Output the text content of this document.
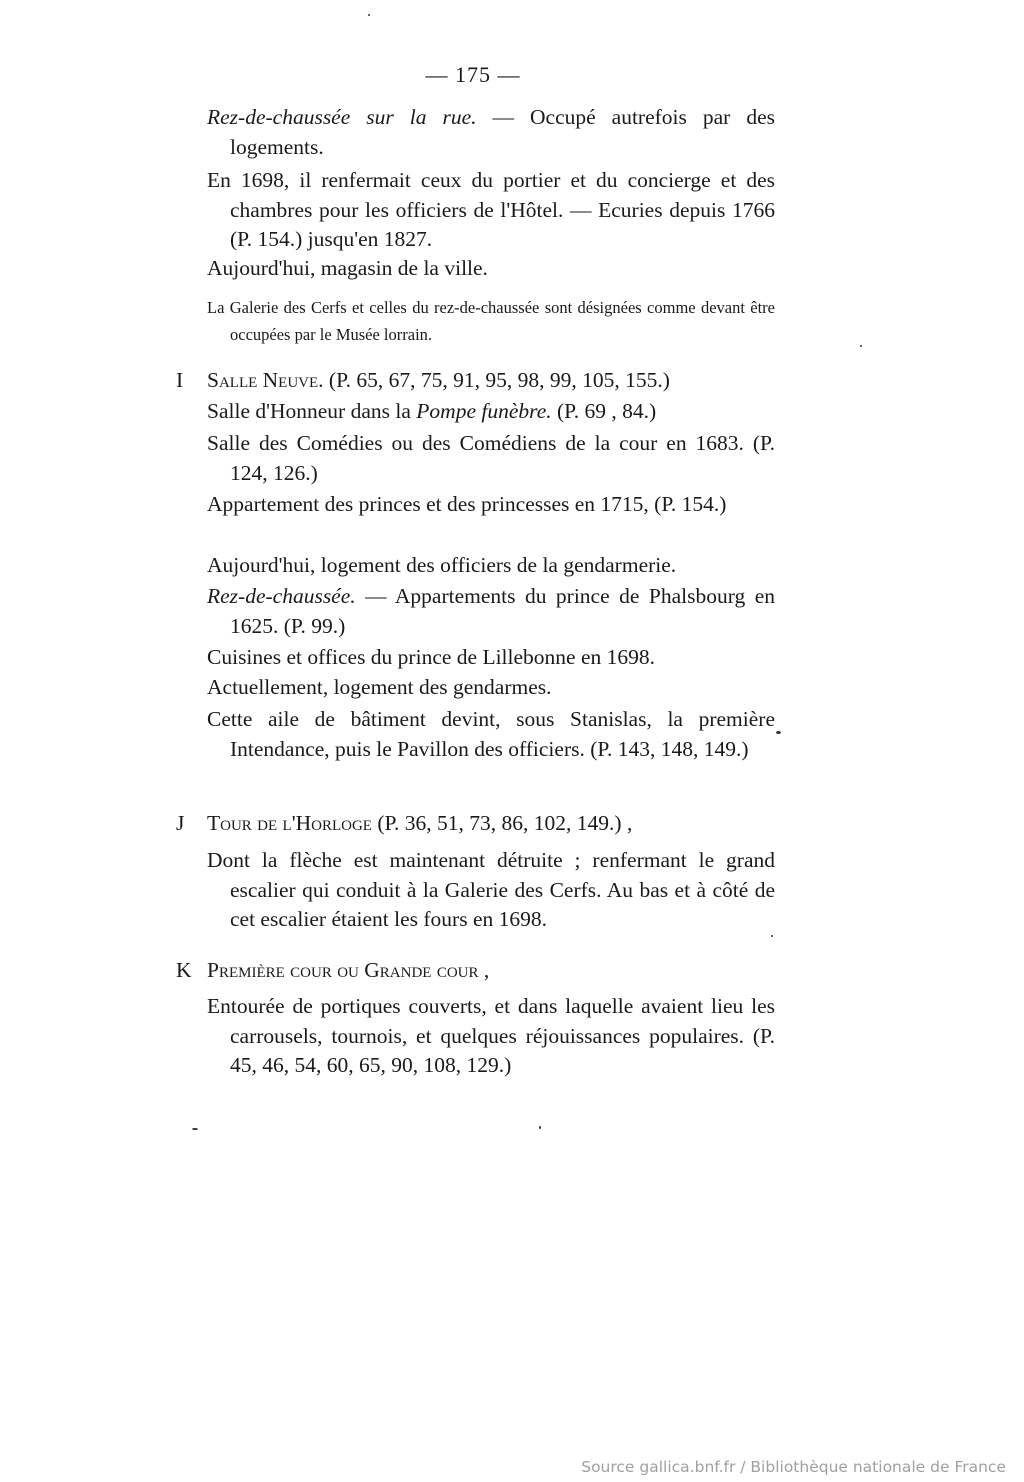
— 175 —
Rez-de-chaussée sur la rue. — Occupé autrefois par des logements.
En 1698, il renfermait ceux du portier et du concierge et des chambres pour les officiers de l'Hôtel. — Ecuries depuis 1766 (P. 154.) jusqu'en 1827.
Aujourd'hui, magasin de la ville.
La Galerie des Cerfs et celles du rez-de-chaussée sont désignées comme devant être occupées par le Musée lorrain.
I Salle Neuve. (P. 65, 67, 75, 91, 95, 98, 99, 105, 155.)
Salle d'Honneur dans la Pompe funèbre. (P. 69 , 84.)
Salle des Comédies ou des Comédiens de la cour en 1683. (P. 124, 126.)
Appartement des princes et des princesses en 1715, (P. 154.)
Aujourd'hui, logement des officiers de la gendarmerie.
Rez-de-chaussée. — Appartements du prince de Phalsbourg en 1625. (P. 99.)
Cuisines et offices du prince de Lillebonne en 1698.
Actuellement, logement des gendarmes.
Cette aile de bâtiment devint, sous Stanislas, la première Intendance, puis le Pavillon des officiers. (P. 143, 148, 149.)
J Tour de l'Horloge (P. 36, 51, 73, 86, 102, 149.) ,
Dont la flèche est maintenant détruite ; renfermant le grand escalier qui conduit à la Galerie des Cerfs. Au bas et à côté de cet escalier étaient les fours en 1698.
K Première cour ou Grande cour ,
Entourée de portiques couverts, et dans laquelle avaient lieu les carrousels, tournois, et quelques réjouissances populaires. (P. 45, 46, 54, 60, 65, 90, 108, 129.)
Source gallica.bnf.fr / Bibliothèque nationale de France
